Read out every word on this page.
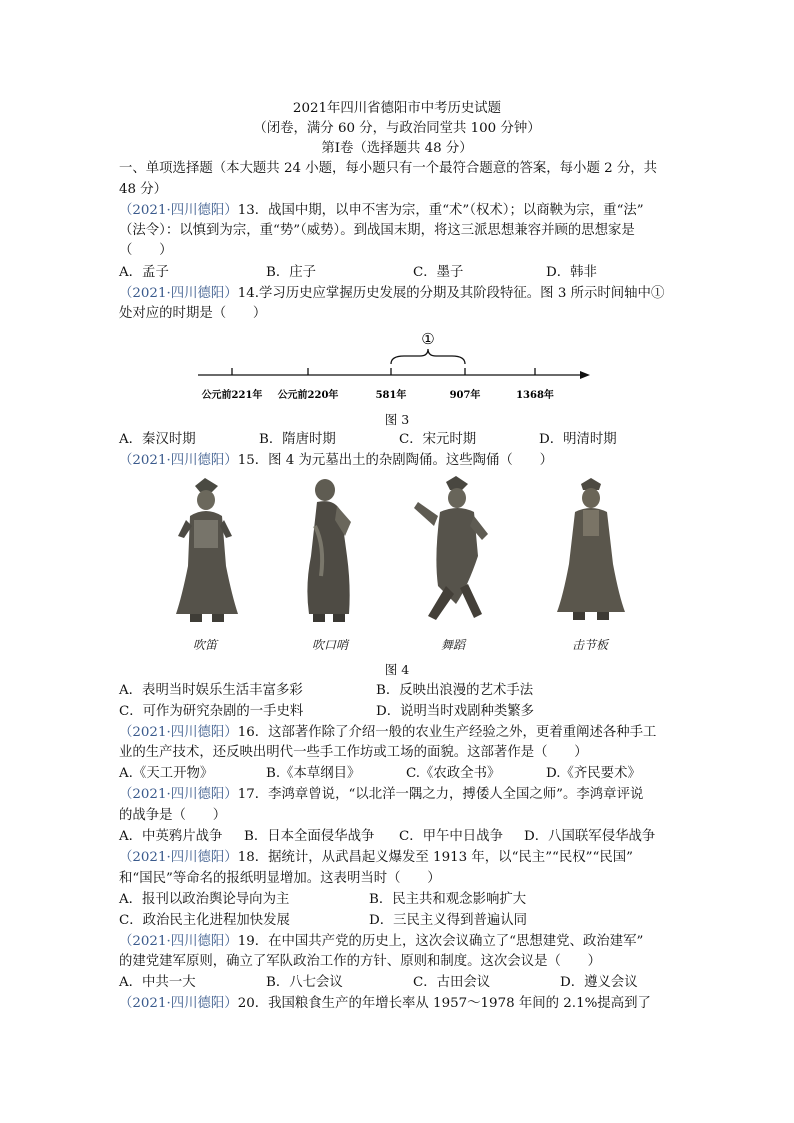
2021年四川省德阳市中考历史试题
（闭卷，满分 60 分，与政治同堂共 100 分钟）
第Ⅰ卷（选择题共 48 分）
一、单项选择题（本大题共 24 小题，每小题只有一个最符合题意的答案，每小题 2 分，共
48 分）
（2021·四川德阳）13．战国中期，以申不害为宗，重“术”（权术）；以商鞅为宗，重“法”
（法令）：以慎到为宗，重“势”（威势）。到战国末期，将这三派思想兼容并顾的思想家是
（　　）
A．孟子	B．庄子	C．墨子	D．韩非
（2021·四川德阳）14.学习历史应掌握历史发展的分期及其阶段特征。图 3 所示时间轴中①
处对应的时期是（　　）
①
公元前221年 公元前220年	581年	907年	1368年
图 3
A．秦汉时期	B．隋唐时期	C．宋元时期	D．明清时期
（2021·四川德阳）15．图 4 为元墓出土的杂剧陶俑。这些陶俑（　　）
吹笛	吹口哨	舞蹈	击节板
图 4
A．表明当时娱乐生活丰富多彩	B．反映出浪漫的艺术手法
C．可作为研究杂剧的一手史料	D．说明当时戏剧种类繁多
（2021·四川德阳）16．这部著作除了介绍一般的农业生产经验之外，更着重阐述各种手工
业的生产技术，还反映出明代一些手工作坊或工场的面貌。这部著作是（　　）
A.《天工开物》	B.《本草纲目》	C.《农政全书》	D.《齐民要术》
（2021·四川德阳）17．李鸿章曾说，“以北洋一隅之力，搏倭人全国之师”。李鸿章评说
的战争是（　　）
A．中英鸦片战争 B．日本全面侵华战争 C．甲午中日战争 D．八国联军侵华战争
（2021·四川德阳）18．据统计，从武昌起义爆发至 1913 年，以“民主”“民权”“民国”
和“国民”等命名的报纸明显增加。这表明当时（　　）
A．报刊以政治舆论导向为主	B．民主共和观念影响扩大
C．政治民主化进程加快发展	D．三民主义得到普遍认同
（2021·四川德阳）19．在中国共产党的历史上，这次会议确立了“思想建党、政治建军”
的建党建军原则，确立了军队政治工作的方针、原则和制度。这次会议是（　　）
A．中共一大	B．八七会议	C．古田会议	D．遵义会议
（2021·四川德阳）20．我国粮食生产的年增长率从 1957～1978 年间的 2.1%提高到了
